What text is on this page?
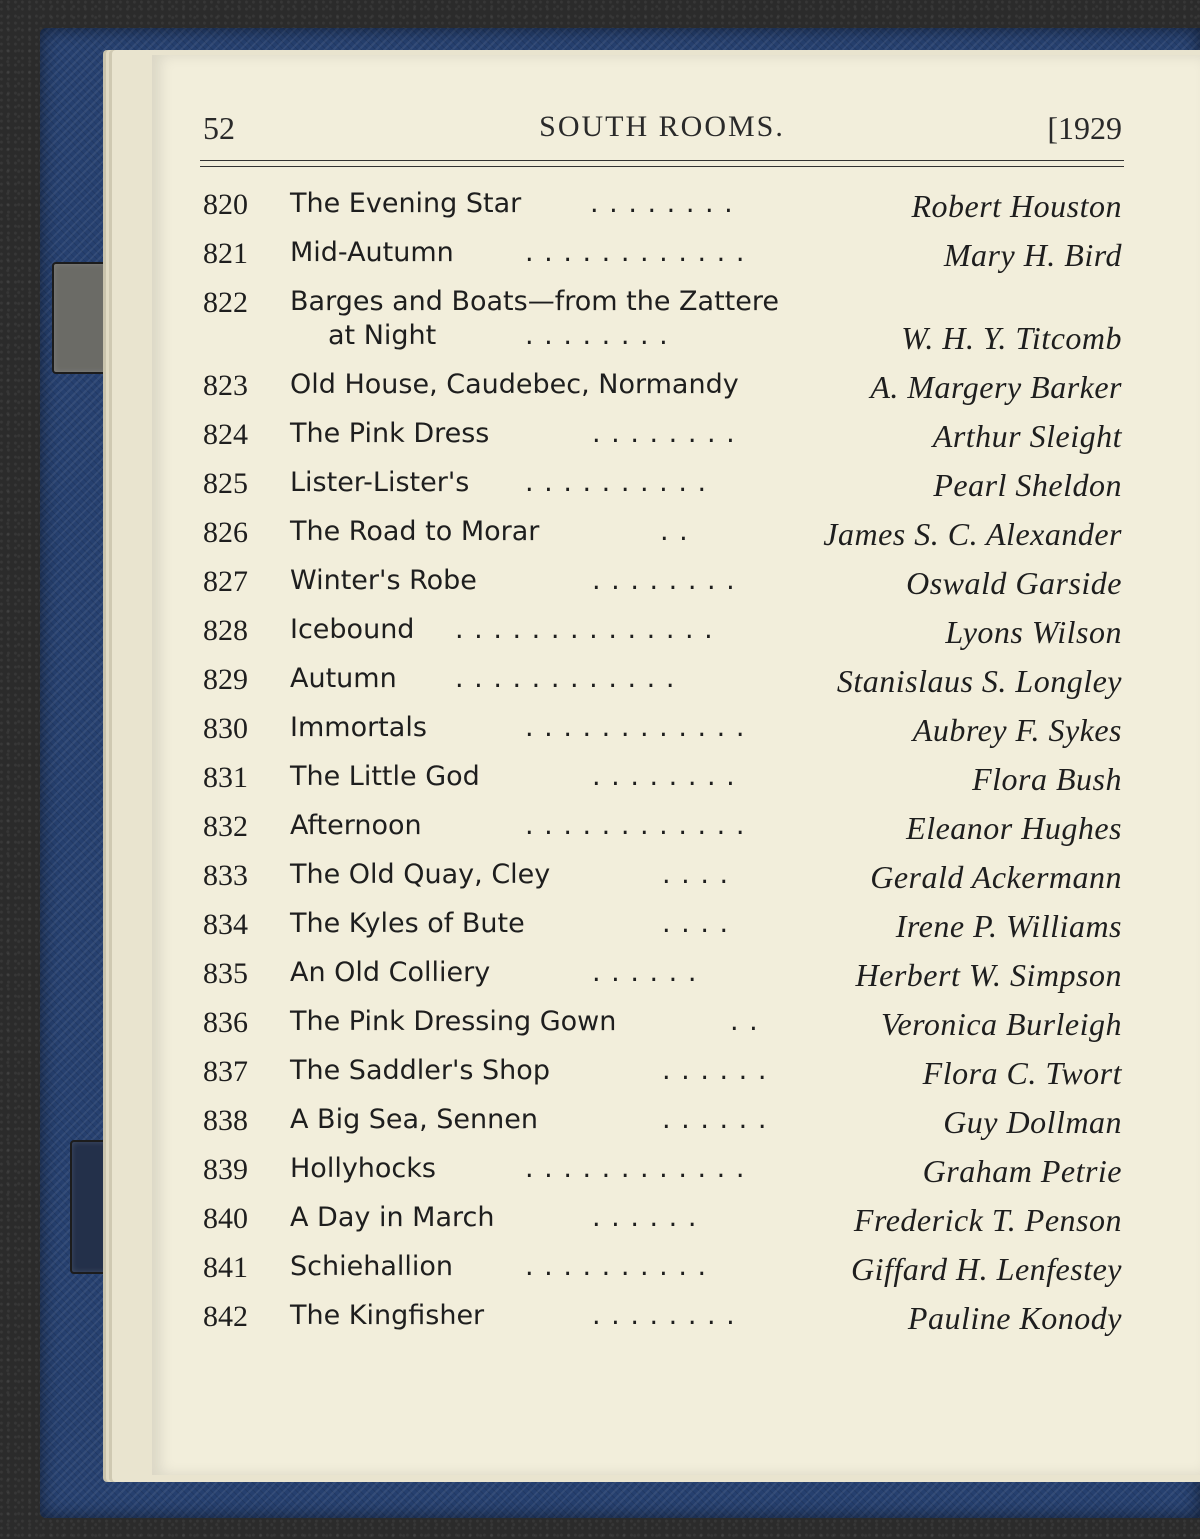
52	SOUTH ROOMS.	[1929
820 The Evening Star	. . . . . . . .	Robert Houston
821 Mid-Autumn	. . . . . . . . . . . .	Mary H. Bird
822 Barges and Boats—from the Zattere
at Night	. . . . . . . .	W. H. Y. Titcomb
823 Old House, Caudebec, Normandy	A. Margery Barker
824 The Pink Dress	. . . . . . . .	Arthur Sleight
825 Lister-Lister's . . . . . . . . . .	Pearl Sheldon
826 The Road to Morar	. .	James S. C. Alexander
827 Winter's Robe	. . . . . . . .	Oswald Garside
828 Icebound . . . . . . . . . . . . . .	Lyons Wilson
829 Autumn . . . . . . . . . . . .	Stanislaus S. Longley
830 Immortals	. . . . . . . . . . . .	Aubrey F. Sykes
831 The Little God	. . . . . . . .	Flora Bush
832 Afternoon	. . . . . . . . . . . .	Eleanor Hughes
833 The Old Quay, Cley	. . . .	Gerald Ackermann
834 The Kyles of Bute	. . . .	Irene P. Williams
835 An Old Colliery	. . . . . .	Herbert W. Simpson
836 The Pink Dressing Gown	. .	Veronica Burleigh
837 The Saddler's Shop	. . . . . .	Flora C. Twort
838 A Big Sea, Sennen	. . . . . .	Guy Dollman
839 Hollyhocks	. . . . . . . . . . . .	Graham Petrie
840 A Day in March	. . . . . .	Frederick T. Penson
841 Schiehallion	. . . . . . . . . .	Giffard H. Lenfestey
842 The Kingfisher	. . . . . . . .	Pauline Konody
